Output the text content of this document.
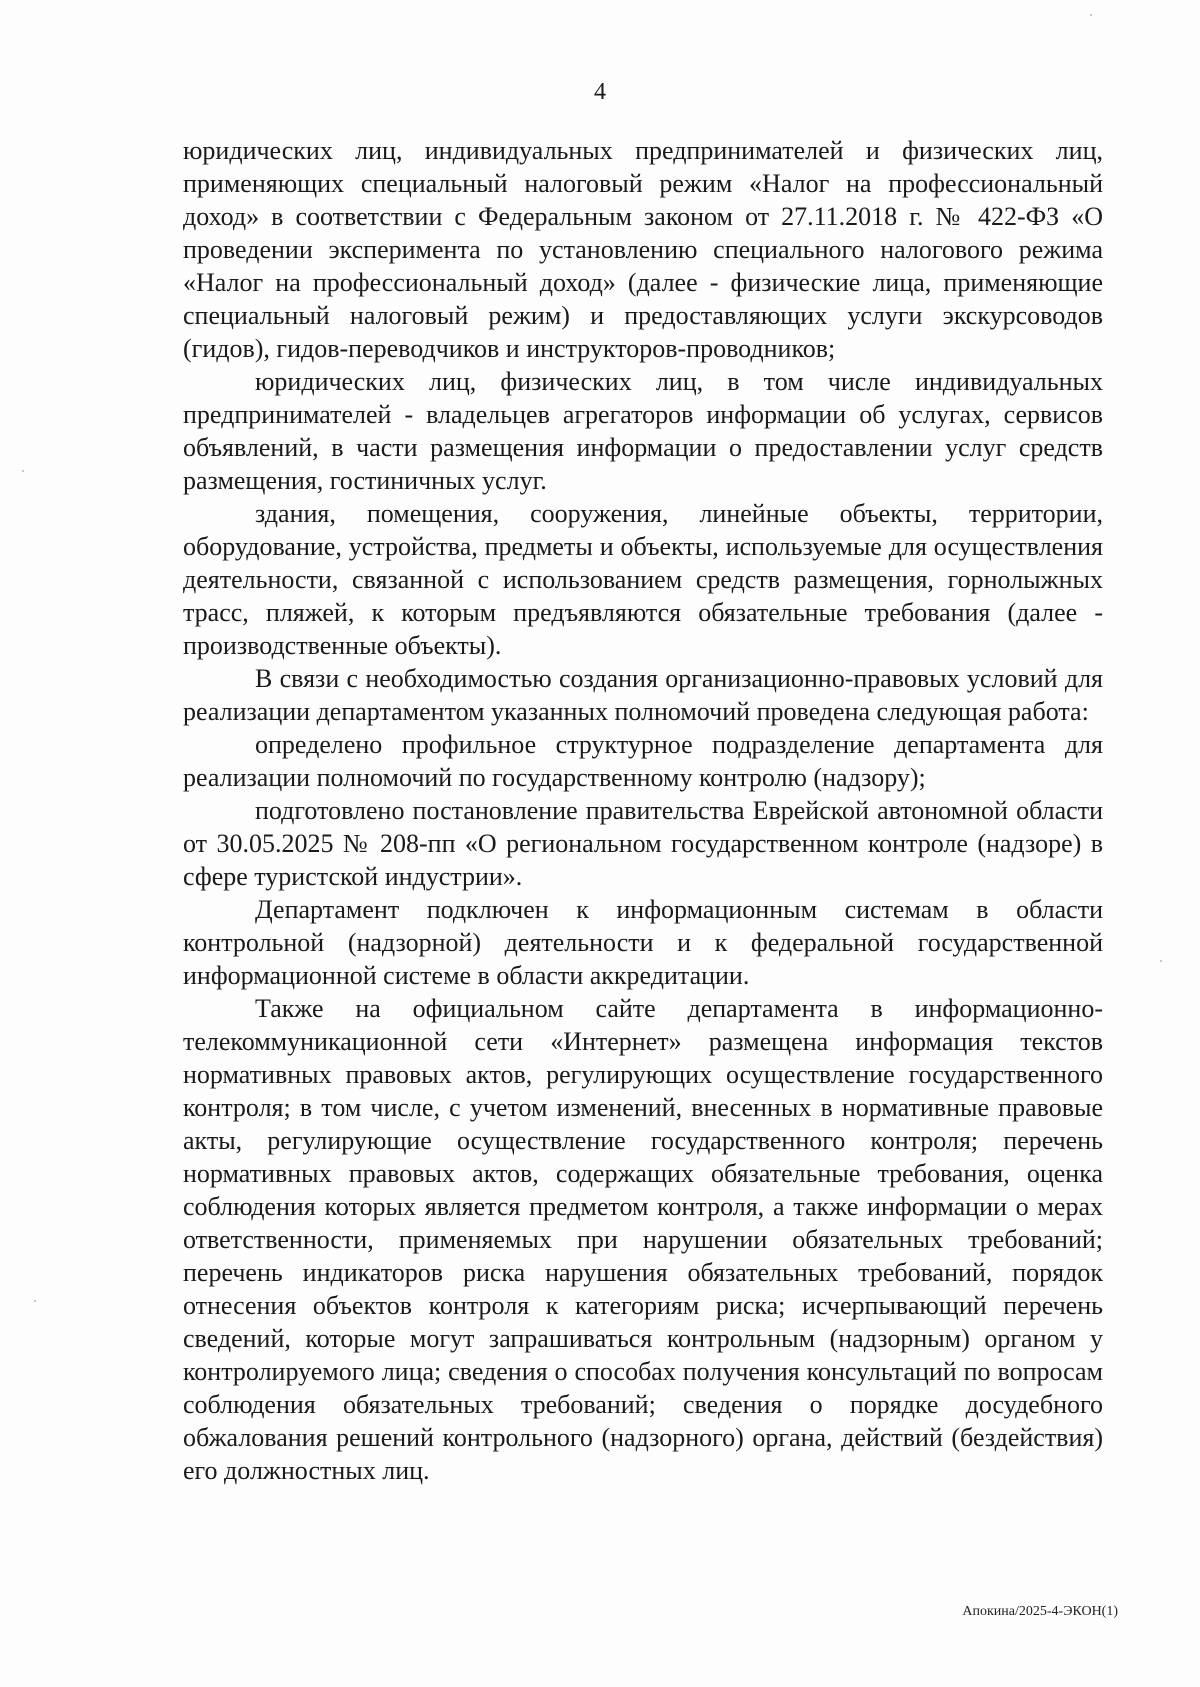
4

юридических лиц, индивидуальных предпринимателей и физических лиц, применяющих специальный налоговый режим «Налог на профессиональный доход» в соответствии с Федеральным законом от 27.11.2018 г. № 422-ФЗ «О проведении эксперимента по установлению специального налогового режима «Налог на профессиональный доход» (далее - физические лица, применяющие специальный налоговый режим) и предоставляющих услуги экскурсоводов (гидов), гидов-переводчиков и инструкторов-проводников;

юридических лиц, физических лиц, в том числе индивидуальных предпринимателей - владельцев агрегаторов информации об услугах, сервисов объявлений, в части размещения информации о предоставлении услуг средств размещения, гостиничных услуг.

здания, помещения, сооружения, линейные объекты, территории, оборудование, устройства, предметы и объекты, используемые для осуществления деятельности, связанной с использованием средств размещения, горнолыжных трасс, пляжей, к которым предъявляются обязательные требования (далее - производственные объекты).

В связи с необходимостью создания организационно-правовых условий для реализации департаментом указанных полномочий проведена следующая работа:

определено профильное структурное подразделение департамента для реализации полномочий по государственному контролю (надзору);

подготовлено постановление правительства Еврейской автономной области от 30.05.2025 № 208-пп «О региональном государственном контроле (надзоре) в сфере туристской индустрии».

Департамент подключен к информационным системам в области контрольной (надзорной) деятельности и к федеральной государственной информационной системе в области аккредитации.

Также на официальном сайте департамента в информационно-телекоммуникационной сети «Интернет» размещена информация текстов нормативных правовых актов, регулирующих осуществление государственного контроля; в том числе, с учетом изменений, внесенных в нормативные правовые акты, регулирующие осуществление государственного контроля; перечень нормативных правовых актов, содержащих обязательные требования, оценка соблюдения которых является предметом контроля, а также информации о мерах ответственности, применяемых при нарушении обязательных требований; перечень индикаторов риска нарушения обязательных требований, порядок отнесения объектов контроля к категориям риска; исчерпывающий перечень сведений, которые могут запрашиваться контрольным (надзорным) органом у контролируемого лица; сведения о способах получения консультаций по вопросам соблюдения обязательных требований; сведения о порядке досудебного обжалования решений контрольного (надзорного) органа, действий (бездействия) его должностных лиц.

Апокина/2025-4-ЭКОН(1)
